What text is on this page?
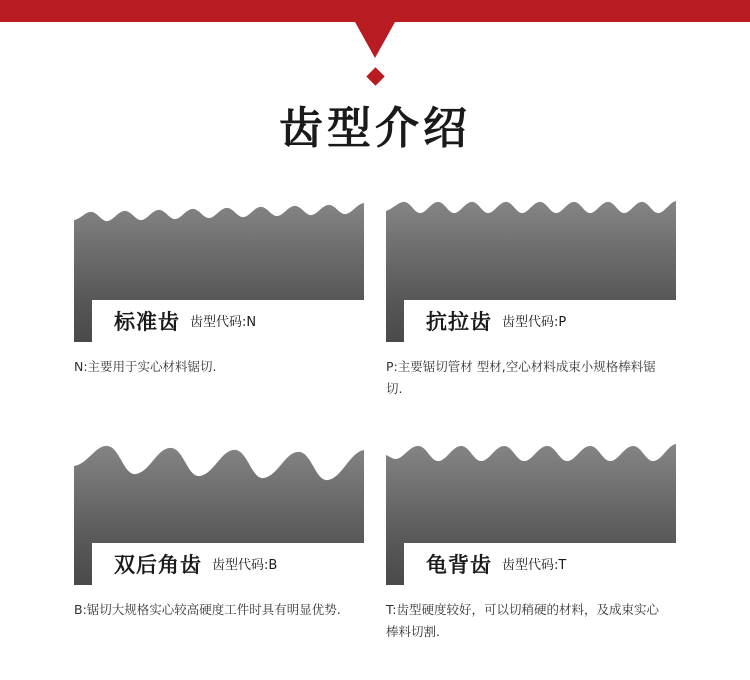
齿型介绍
标准齿 齿型代码:N
N:主要用于实心材料锯切.
抗拉齿 齿型代码:P
P:主要锯切管材 型材,空心材料成束小规格棒料锯切.
双后角齿 齿型代码:B
B:锯切大规格实心较高硬度工件时具有明显优势.
龟背齿 齿型代码:T
T:齿型硬度较好，可以切稍硬的材料，及成束实心棒料切割.
